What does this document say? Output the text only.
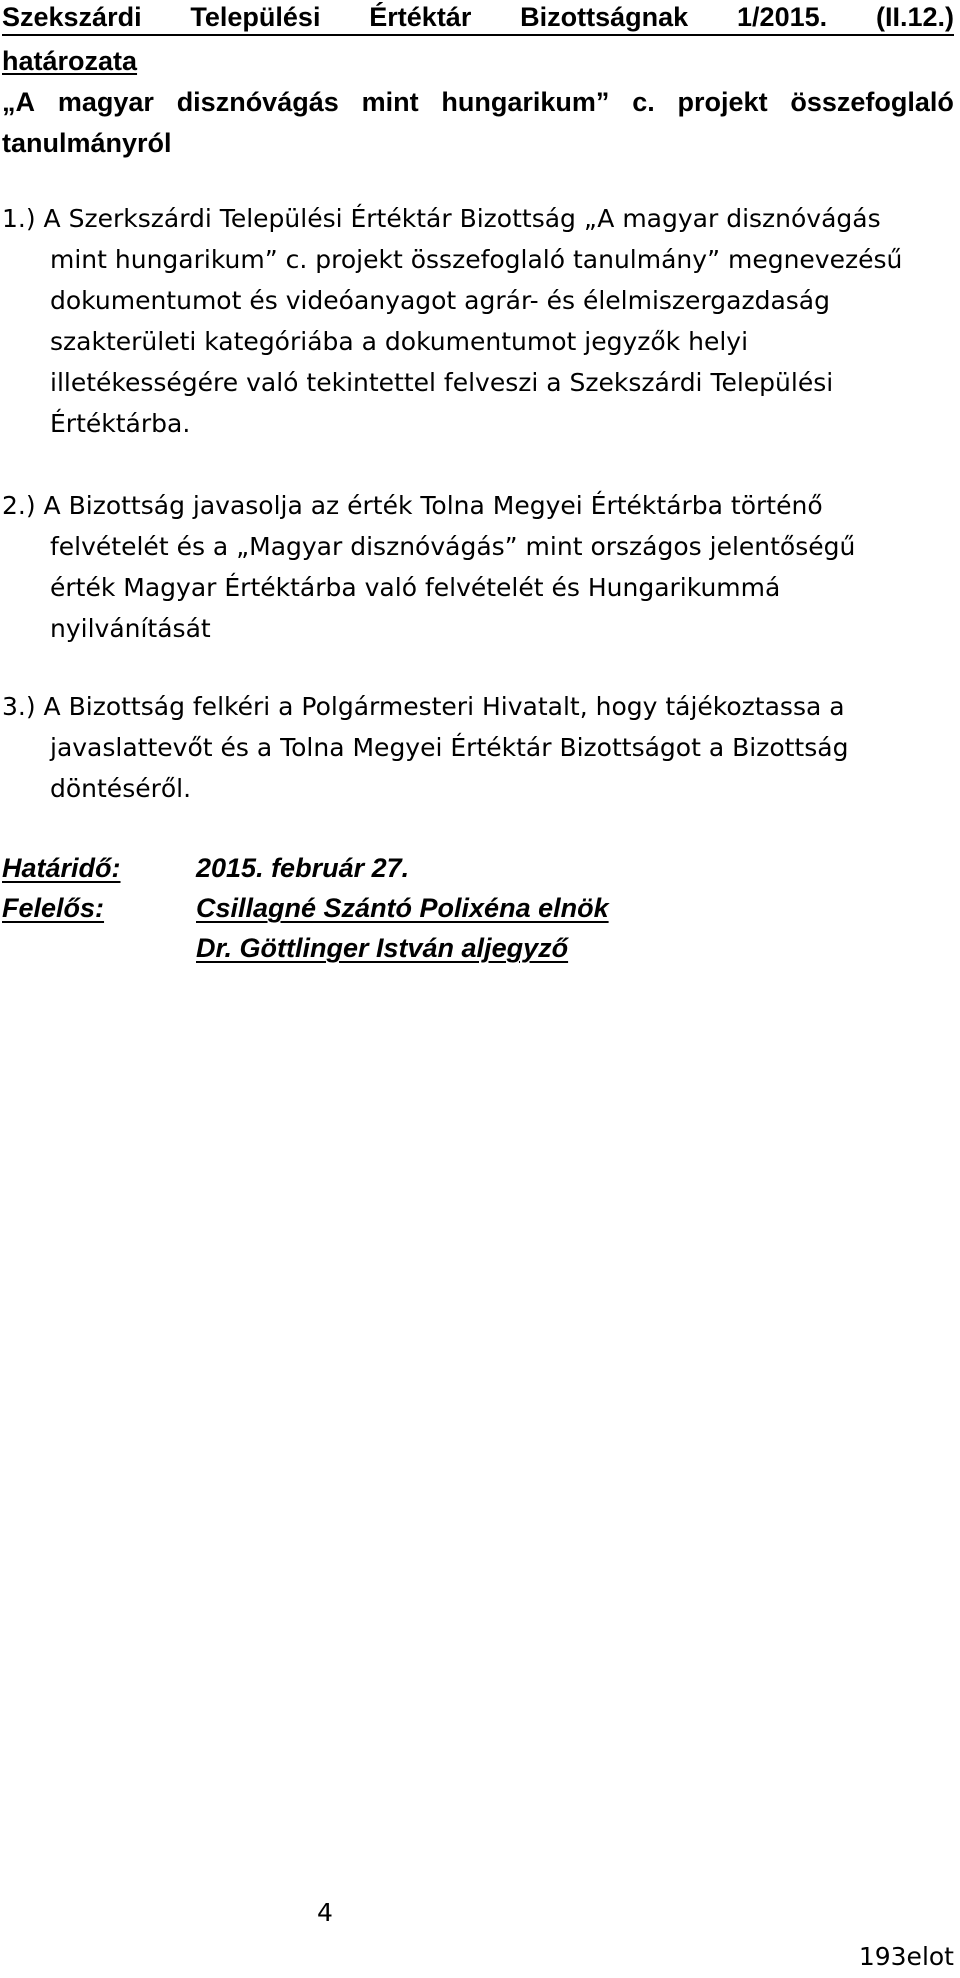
Szekszárdi Települési Értéktár Bizottságnak 1/2015. (II.12.)
határozata
„A magyar disznóvágás mint hungarikum” c. projekt összefoglaló
tanulmányról
1.) A Szerkszárdi Települési Értéktár Bizottság „A magyar disznóvágás
mint hungarikum” c. projekt összefoglaló tanulmány” megnevezésű
dokumentumot és videóanyagot agrár- és élelmiszergazdaság
szakterületi kategóriába a dokumentumot jegyzők helyi
illetékességére való tekintettel felveszi a Szekszárdi Települési
Értéktárba.
2.) A Bizottság javasolja az érték Tolna Megyei Értéktárba történő
felvételét és a „Magyar disznóvágás” mint országos jelentőségű
érték Magyar Értéktárba való felvételét és Hungarikummá
nyilvánítását
3.) A Bizottság felkéri a Polgármesteri Hivatalt, hogy tájékoztassa a
javaslattevőt és a Tolna Megyei Értéktár Bizottságot a Bizottság
döntéséről.
Határidő:	2015. február 27.
Felelős:	Csillagné Szántó Polixéna elnök
Dr. Göttlinger István aljegyző
4
193elot
